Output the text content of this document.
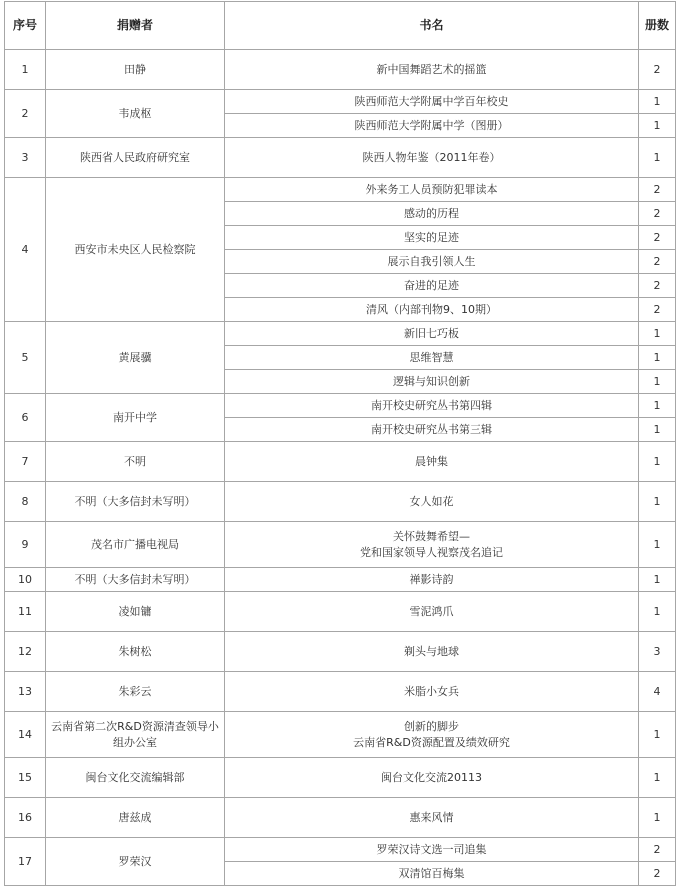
序号	捐赠者	书名	册数
1	田静	新中国舞蹈艺术的摇篮	2
2	韦成枢	陕西师范大学附属中学百年校史	1
		陕西师范大学附属中学（图册）	1
3	陕西省人民政府研究室	陕西人物年鉴（2011年卷）	1
4	西安市未央区人民检察院	外来务工人员预防犯罪读本	2
		感动的历程	2
		坚实的足迹	2
		展示自我引领人生	2
		奋进的足迹	2
		清风（内部刊物9、10期）	2
5	黄展骥	新旧七巧板	1
		思维智慧	1
		逻辑与知识创新	1
6	南开中学	南开校史研究丛书第四辑	1
		南开校史研究丛书第三辑	1
7	不明	晨钟集	1
8	不明（大多信封未写明）	女人如花	1
9	茂名市广播电视局	关怀鼓舞希望—
党和国家领导人视察茂名追记	1
10	不明（大多信封未写明）	禅影诗韵	1
11	凌如镛	雪泥鸿爪	1
12	朱树松	剃头与地球	3
13	朱彩云	米脂小女兵	4
14	云南省第二次R&D资源清查领导小组办公室	创新的脚步
云南省R&D资源配置及绩效研究	1
15	闽台文化交流编辑部	闽台文化交流20113	1
16	唐兹成	惠来风情	1
17	罗荣汉	罗荣汉诗文选一司追集	2
		双清馆百梅集	2
